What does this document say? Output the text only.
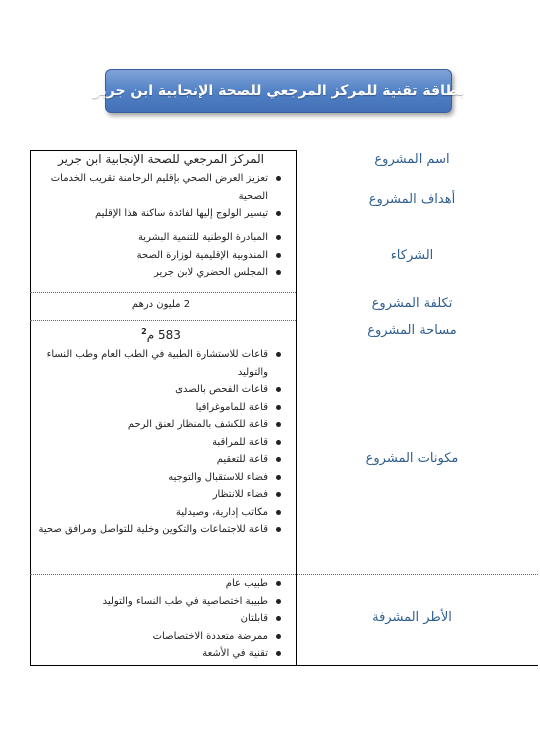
بطاقة تقنية للمركز المرجعي للصحة الإنجابية ابن جرير
اسم المشروع
أهداف المشروع
الشركاء
تكلفة المشروع
مساحة المشروع
مكونات المشروع
الأطر المشرفة
المركز المرجعي للصحة الإنجابية ابن جرير
تعزيز العرض الصحي بإقليم الرحامنة تقريب الخدمات الصحية
تيسير الولوج إليها لفائدة ساكنة هذا الإقليم
المبادرة الوطنية للتنمية البشرية
المندوبية الإقليمية لوزارة الصحة
المجلس الحضري لابن جرير
2 مليون درهم
583 م$^2$
قاعات للاستشارة الطبية في الطب العام وطب النساء والتوليد
قاعات الفحص بالصدى
قاعة للماموغرافيا
قاعة للكشف بالمنظار لعنق الرحم
قاعة للمراقبة
قاعة للتعقيم
فضاء للاستقبال والتوجيه
فضاء للانتظار
مكاتب إدارية، وصيدلية
قاعة للاجتماعات والتكوين وخلية للتواصل ومرافق صحية
طبيب عام
طبيبة اختصاصية في طب النساء والتوليد
قابلتان
ممرضة متعددة الاختصاصات
تقنية في الأشعة
